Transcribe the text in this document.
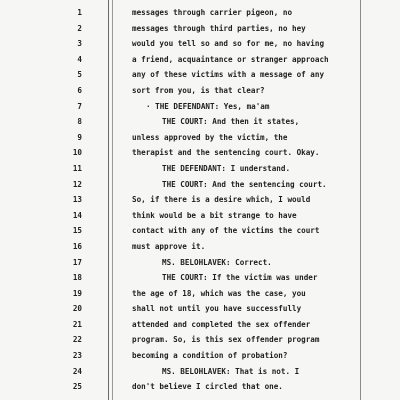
1	messages through carrier pigeon, no
2	messages through third parties, no hey
3	would you tell so and so for me, no having
4	a friend, acquaintance or stranger approach
5	any of these victims with a message of any
6	sort from you, is that clear?
7	· THE DEFENDANT: Yes, ma'am
8	THE COURT: And then it states,
9	unless approved by the victim, the
10	therapist and the sentencing court. Okay.
11	THE DEFENDANT: I understand.
12	THE COURT: And the sentencing court.
13	So, if there is a desire which, I would
14	think would be a bit strange to have
15	contact with any of the victims the court
16	must approve it.
17	MS. BELOHLAVEK: Correct.
18	THE COURT: If the victim was under
19	the age of 18, which was the case, you
20	shall not until you have successfully
21	attended and completed the sex offender
22	program. So, is this sex offender program
23	becoming a condition of probation?
24	MS. BELOHLAVEK: That is not. I
25	don't believe I circled that one.
